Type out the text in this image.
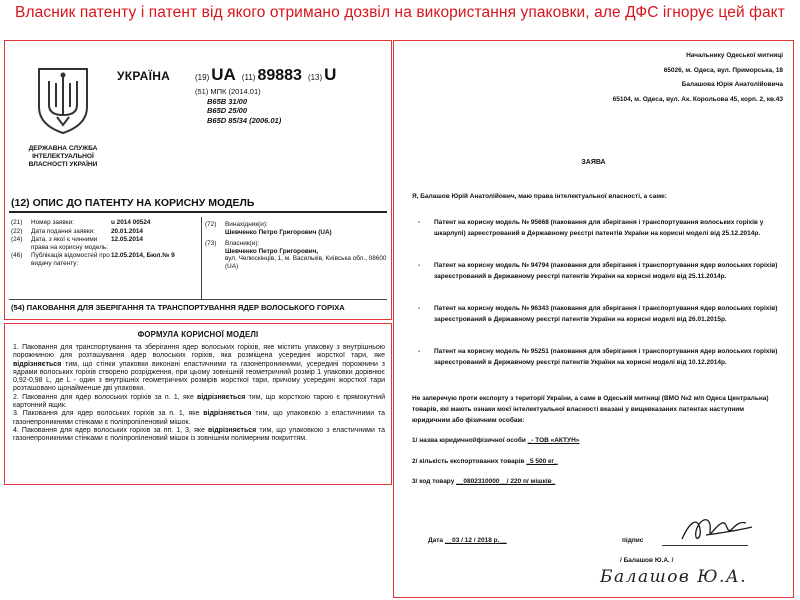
Власник патенту і патент від якого отримано дозвіл на використання упаковки, але ДФС ігнорує цей факт
ДЕРЖАВНА СЛУЖБА ІНТЕЛЕКТУАЛЬНОЇ ВЛАСНОСТІ УКРАЇНИ
УКРАЇНА	(19) UA (11) 89883 (13) U
(51) МПК (2014.01)
B65B 31/00
B65D 25/00
B65D 85/34 (2006.01)
(12) ОПИС ДО ПАТЕНТУ НА КОРИСНУ МОДЕЛЬ
(21)	Номер заявки:	u 2014 00524
(22)	Дата подання заявки:	20.01.2014
(24)	Дата, з якої є чинними права на корисну модель:
12.05.2014
(46)	Публікація відомостей про видачу патенту:
12.05.2014, Бюл.№ 9
(72) Винахідник(и):
Шевченко Петро Григорович (UA)
(73) Власник(и):
Шевченко Петро Григорович,
вул. Челюскінців, 1, м. Васильків, Київська обл., 08600 (UA)
(54) ПАКОВАННЯ ДЛЯ ЗБЕРІГАННЯ ТА ТРАНСПОРТУВАННЯ ЯДЕР ВОЛОСЬКОГО ГОРІХА
ФОРМУЛА КОРИСНОЇ МОДЕЛІ

1. Паковання для транспортування та зберігання ядер волоських горіхів, яке містить упаковку з внутрішньою порожниною для розташування ядер волоських горіхів, яка розміщена усередині жорсткої тари, яке відрізняється тим, що стінки упаковки виконані еластичними та газонепроникними, усередині порожнини з ядрами волоських горіхів створено розрідження, при цьому зовнішній геометричний розмір 1 упаковки дорівнює 0,92-0,98 L, де L - один з внутрішніх геометричних розмірів жорсткої тари, причому усередині жорсткої тари розташовано щонайменше дві упаковки.

2. Паковання для ядер волоських горіхів за п. 1, яке відрізняється тим, що жорсткою тарою є прямокутний картонний ящик.

3. Паковання для ядер волоських горіхів за п. 1, яке відрізняється тим, що упаковкою з еластичними та газонепроникними стінками є поліпропіленовий мішок.

4. Паковання для ядер волоських горіхів за пп. 1, 3, яке відрізняється тим, що упаковкою з еластичними та газонепроникними стінками є поліпропіленовий мішок із зовнішнім полімерним покриттям.

Начальнику Одеської митниці
65026, м. Одеса, вул. Приморська, 18
Балашова Юрія Анатолійовича
65104, м. Одеса, вул. Ак. Корольова 45, корп. 2, кв.43
ЗАЯВА
Я, Балашов Юрій Анатолійович, маю права інтелектуальної власності, а саме:
- Патент на корисну модель № 95668 (паковання для зберігання і транспортування волоських горіхів у шкарлупі) зареєстрований в Державному реєстрі патентів України на корисні моделі від 25.12.2014р.
- Патент на корисну модель № 94794 (паковання для зберігання і транспортування ядер волоських горіхів) зареєстрований в Державному реєстрі патентів України на корисні моделі від 25.11.2014р.
- Патент на корисну модель № 96343 (паковання для зберігання і транспортування ядер волоських горіхів) зареєстрований в Державному реєстрі патентів України на корисні моделі від 26.01.2015р.
- Патент на корисну модель № 95251 (паковання для зберігання і транспортування ядер волоських горіхів) зареєстрований в Державному реєстрі патентів України на корисні моделі від 10.12.2014р.
Не заперечую проти експорту з території України, а саме в Одеській митниці (ВМО №2 м/п Одеса Центральна) товарів, які мають ознаки моєї інтелектуальної власності вказані у вищевказаних патентах наступним юридичним або фізичним особам:
1/ назва юридичної/фізичної особи _- ТОВ «АКТУН»
2/ кількість експортованих товарів _5 500 кг_
3/ код товару __0802310000__/ 220 п/ мішків_
Дата __03 / 12 / 2018 р.__	підпис
/ Балашов Ю.А. /
Балашов Ю.А.
